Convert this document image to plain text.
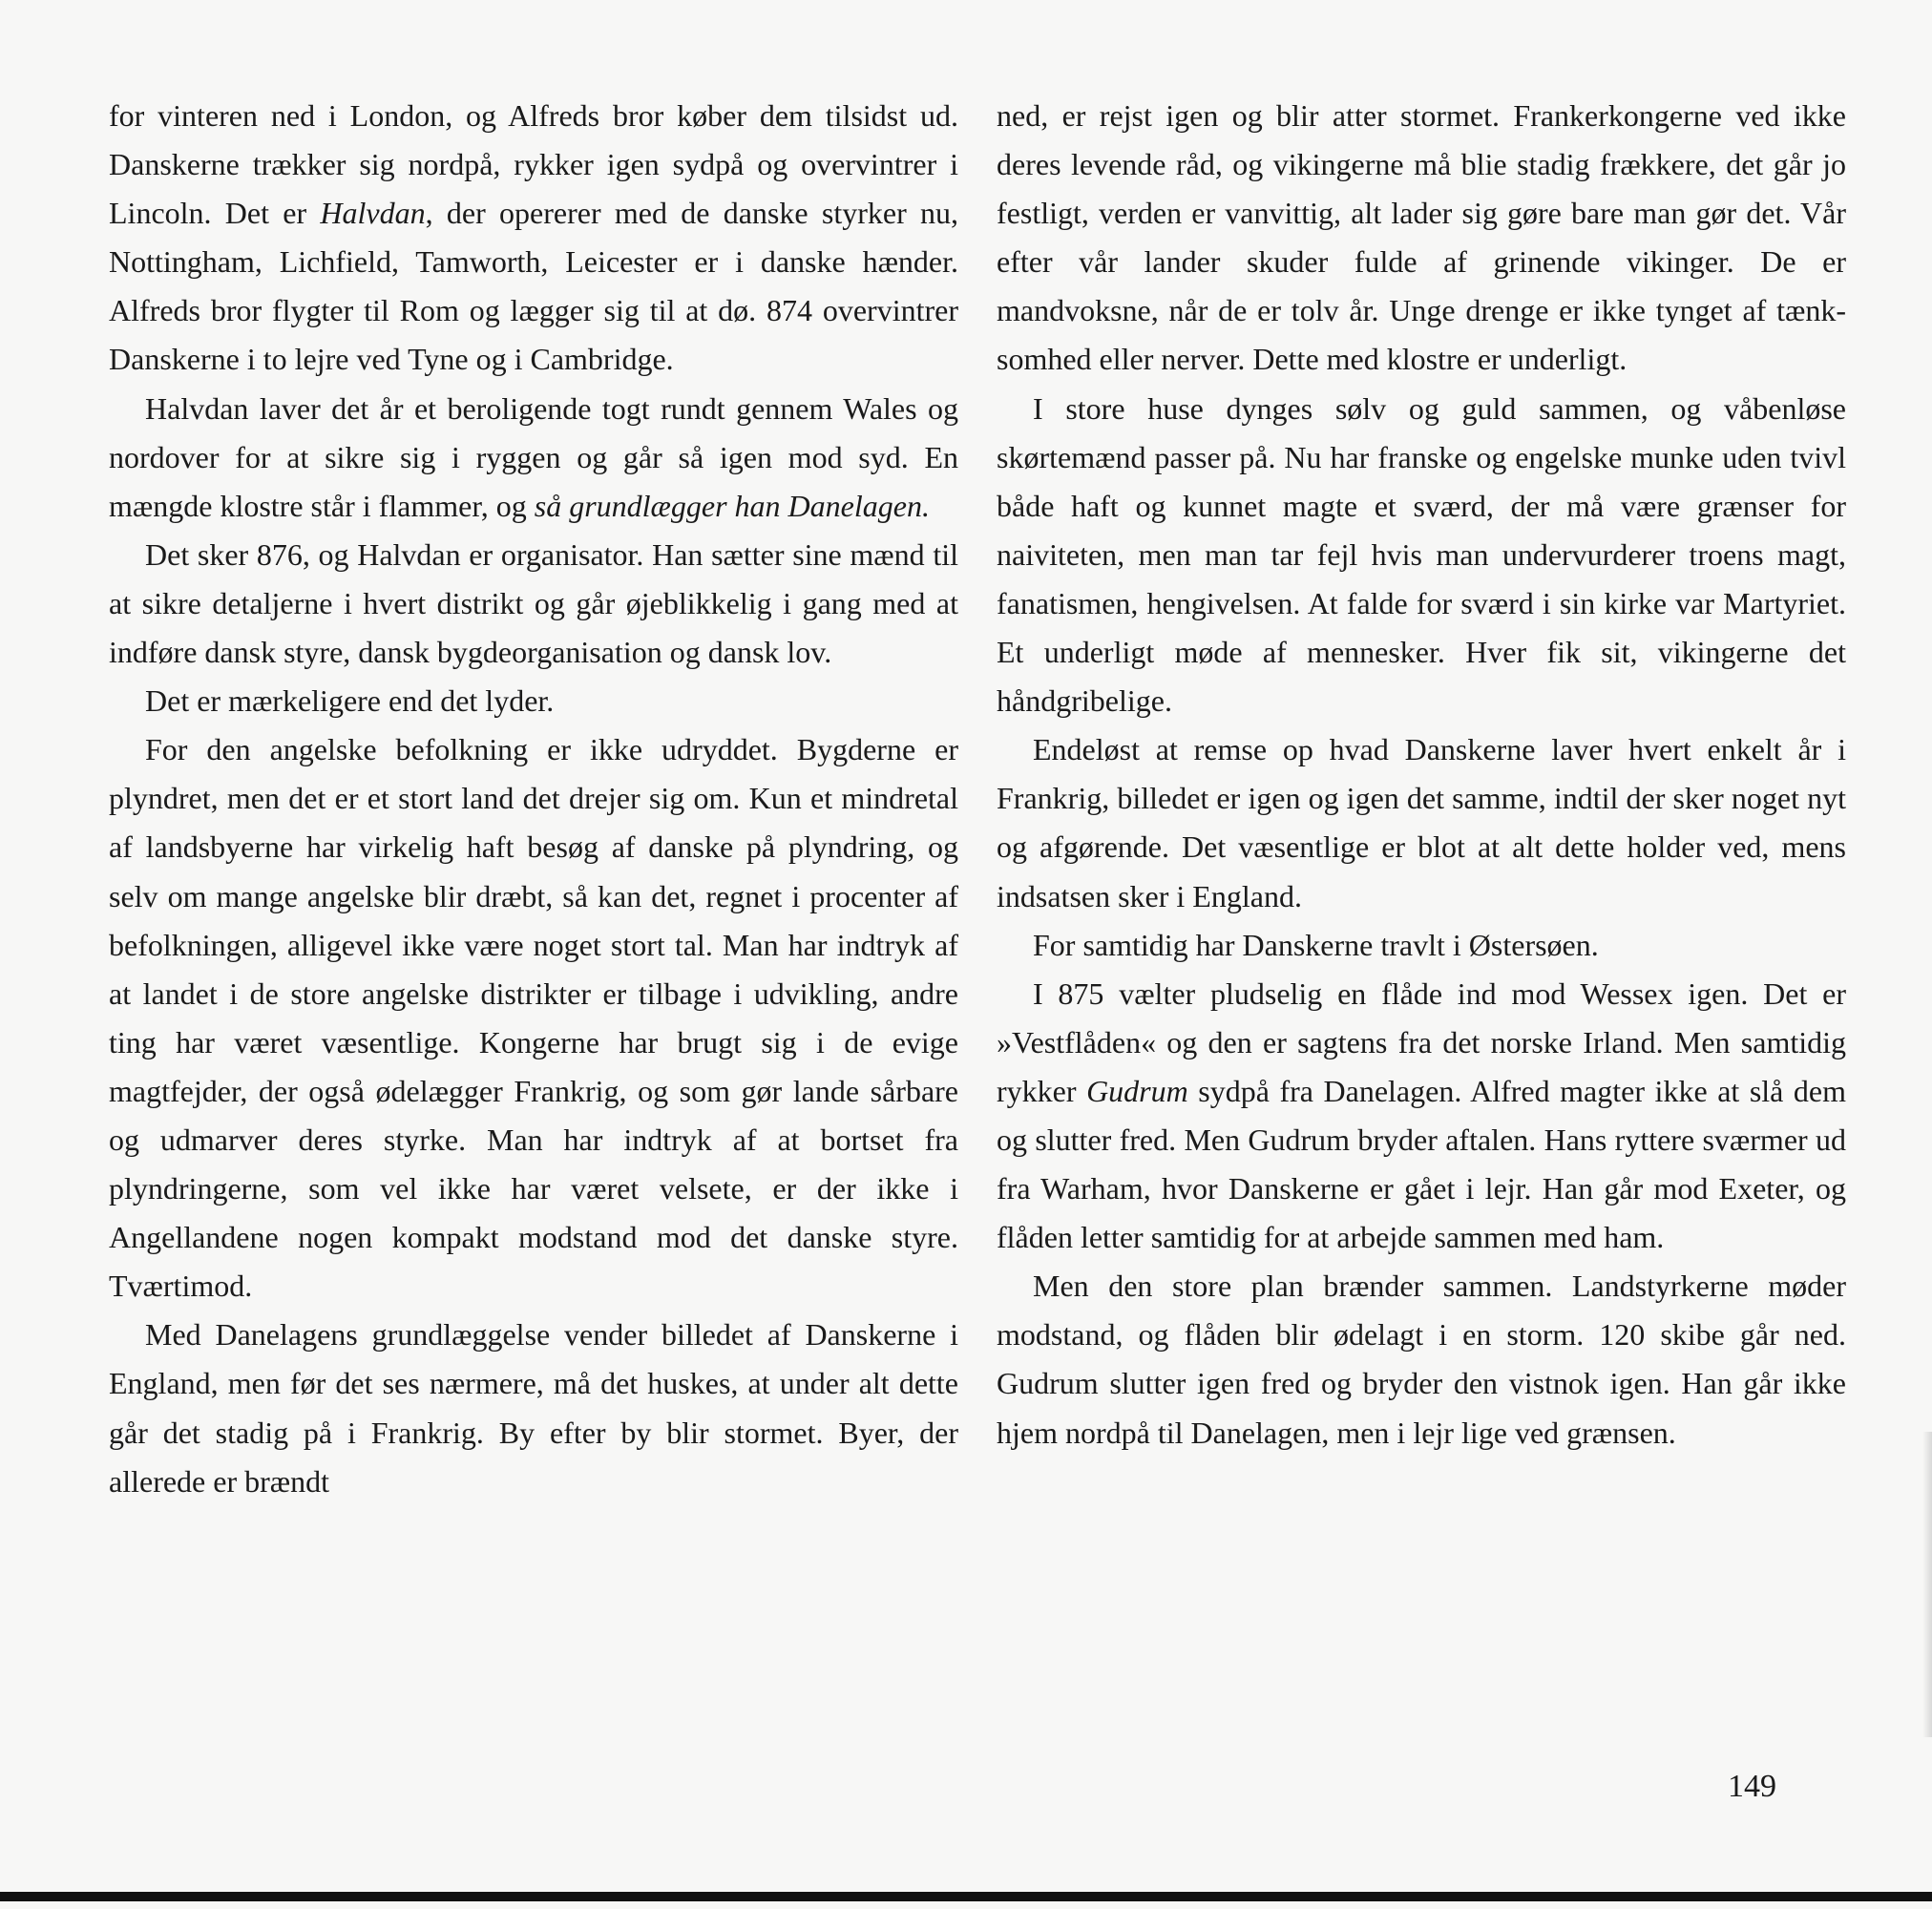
for vinteren ned i London, og Alfreds bror køber dem tilsidst ud. Danskerne trækker sig nordpå, rykker igen sydpå og overvintrer i Lincoln. Det er Halvdan, der opererer med de danske styrker nu, Nottingham, Lichfield, Tamworth, Leicester er i danske hænder. Alfreds bror flygter til Rom og lægger sig til at dø. 874 overvintrer Danskerne i to lejre ved Tyne og i Cambridge.

Halvdan laver det år et beroligende togt rundt gennem Wales og nordover for at sikre sig i ryggen og går så igen mod syd. En mængde klostre står i flammer, og så grundlægger han Danelagen.

Det sker 876, og Halvdan er organisator. Han sætter sine mænd til at sikre detaljerne i hvert distrikt og går øjeblikkelig i gang med at indføre dansk styre, dansk bygdeorganisation og dansk lov.

Det er mærkeligere end det lyder.

For den angelske befolkning er ikke udryddet. Bygderne er plyndret, men det er et stort land det drejer sig om. Kun et mindretal af landsbyerne har virkelig haft besøg af danske på plyndring, og selv om mange angelske blir dræbt, så kan det, regnet i procenter af befolkningen, alligevel ikke være noget stort tal. Man har indtryk af at landet i de store angelske distrikter er tilbage i udvikling, andre ting har været væsentlige. Kongerne har brugt sig i de evige magtfejder, der også ødelægger Frankrig, og som gør lande sårbare og udmarver deres styrke. Man har indtryk af at bortset fra plyndringerne, som vel ikke har været velsete, er der ikke i Angellandene nogen kompakt modstand mod det danske styre. Tværtimod.

Med Danelagens grundlæggelse vender billedet af Danskerne i England, men før det ses nærmere, må det huskes, at under alt dette går det stadig på i Frankrig. By efter by blir stormet. Byer, der allerede er brændt

ned, er rejst igen og blir atter stormet. Frankerkongerne ved ikke deres levende råd, og vikingerne må blie stadig frækkere, det går jo festligt, verden er vanvittig, alt lader sig gøre bare man gør det. Vår efter vår lander skuder fulde af grinende vikinger. De er mandvoksne, når de er tolv år. Unge drenge er ikke tynget af tænksomhed eller nerver. Dette med klostre er underligt.

I store huse dynges sølv og guld sammen, og våbenløse skørtemænd passer på. Nu har franske og engelske munke uden tvivl både haft og kunnet magte et sværd, der må være grænser for naiviteten, men man tar fejl hvis man undervurderer troens magt, fanatismen, hengivelsen. At falde for sværd i sin kirke var Martyriet. Et underligt møde af mennesker. Hver fik sit, vikingerne det håndgribelige.

Endeløst at remse op hvad Danskerne laver hvert enkelt år i Frankrig, billedet er igen og igen det samme, indtil der sker noget nyt og afgørende. Det væsentlige er blot at alt dette holder ved, mens indsatsen sker i England.

For samtidig har Danskerne travlt i Østersøen.

I 875 vælter pludselig en flåde ind mod Wessex igen. Det er »Vestflåden« og den er sagtens fra det norske Irland. Men samtidig rykker Gudrum sydpå fra Danelagen. Alfred magter ikke at slå dem og slutter fred. Men Gudrum bryder aftalen. Hans ryttere sværmer ud fra Warham, hvor Danskerne er gået i lejr. Han går mod Exeter, og flåden letter samtidig for at arbejde sammen med ham.

Men den store plan brænder sammen. Landstyrkerne møder modstand, og flåden blir ødelagt i en storm. 120 skibe går ned. Gudrum slutter igen fred og bryder den vistnok igen. Han går ikke hjem nordpå til Danelagen, men i lejr lige ved grænsen.

149
